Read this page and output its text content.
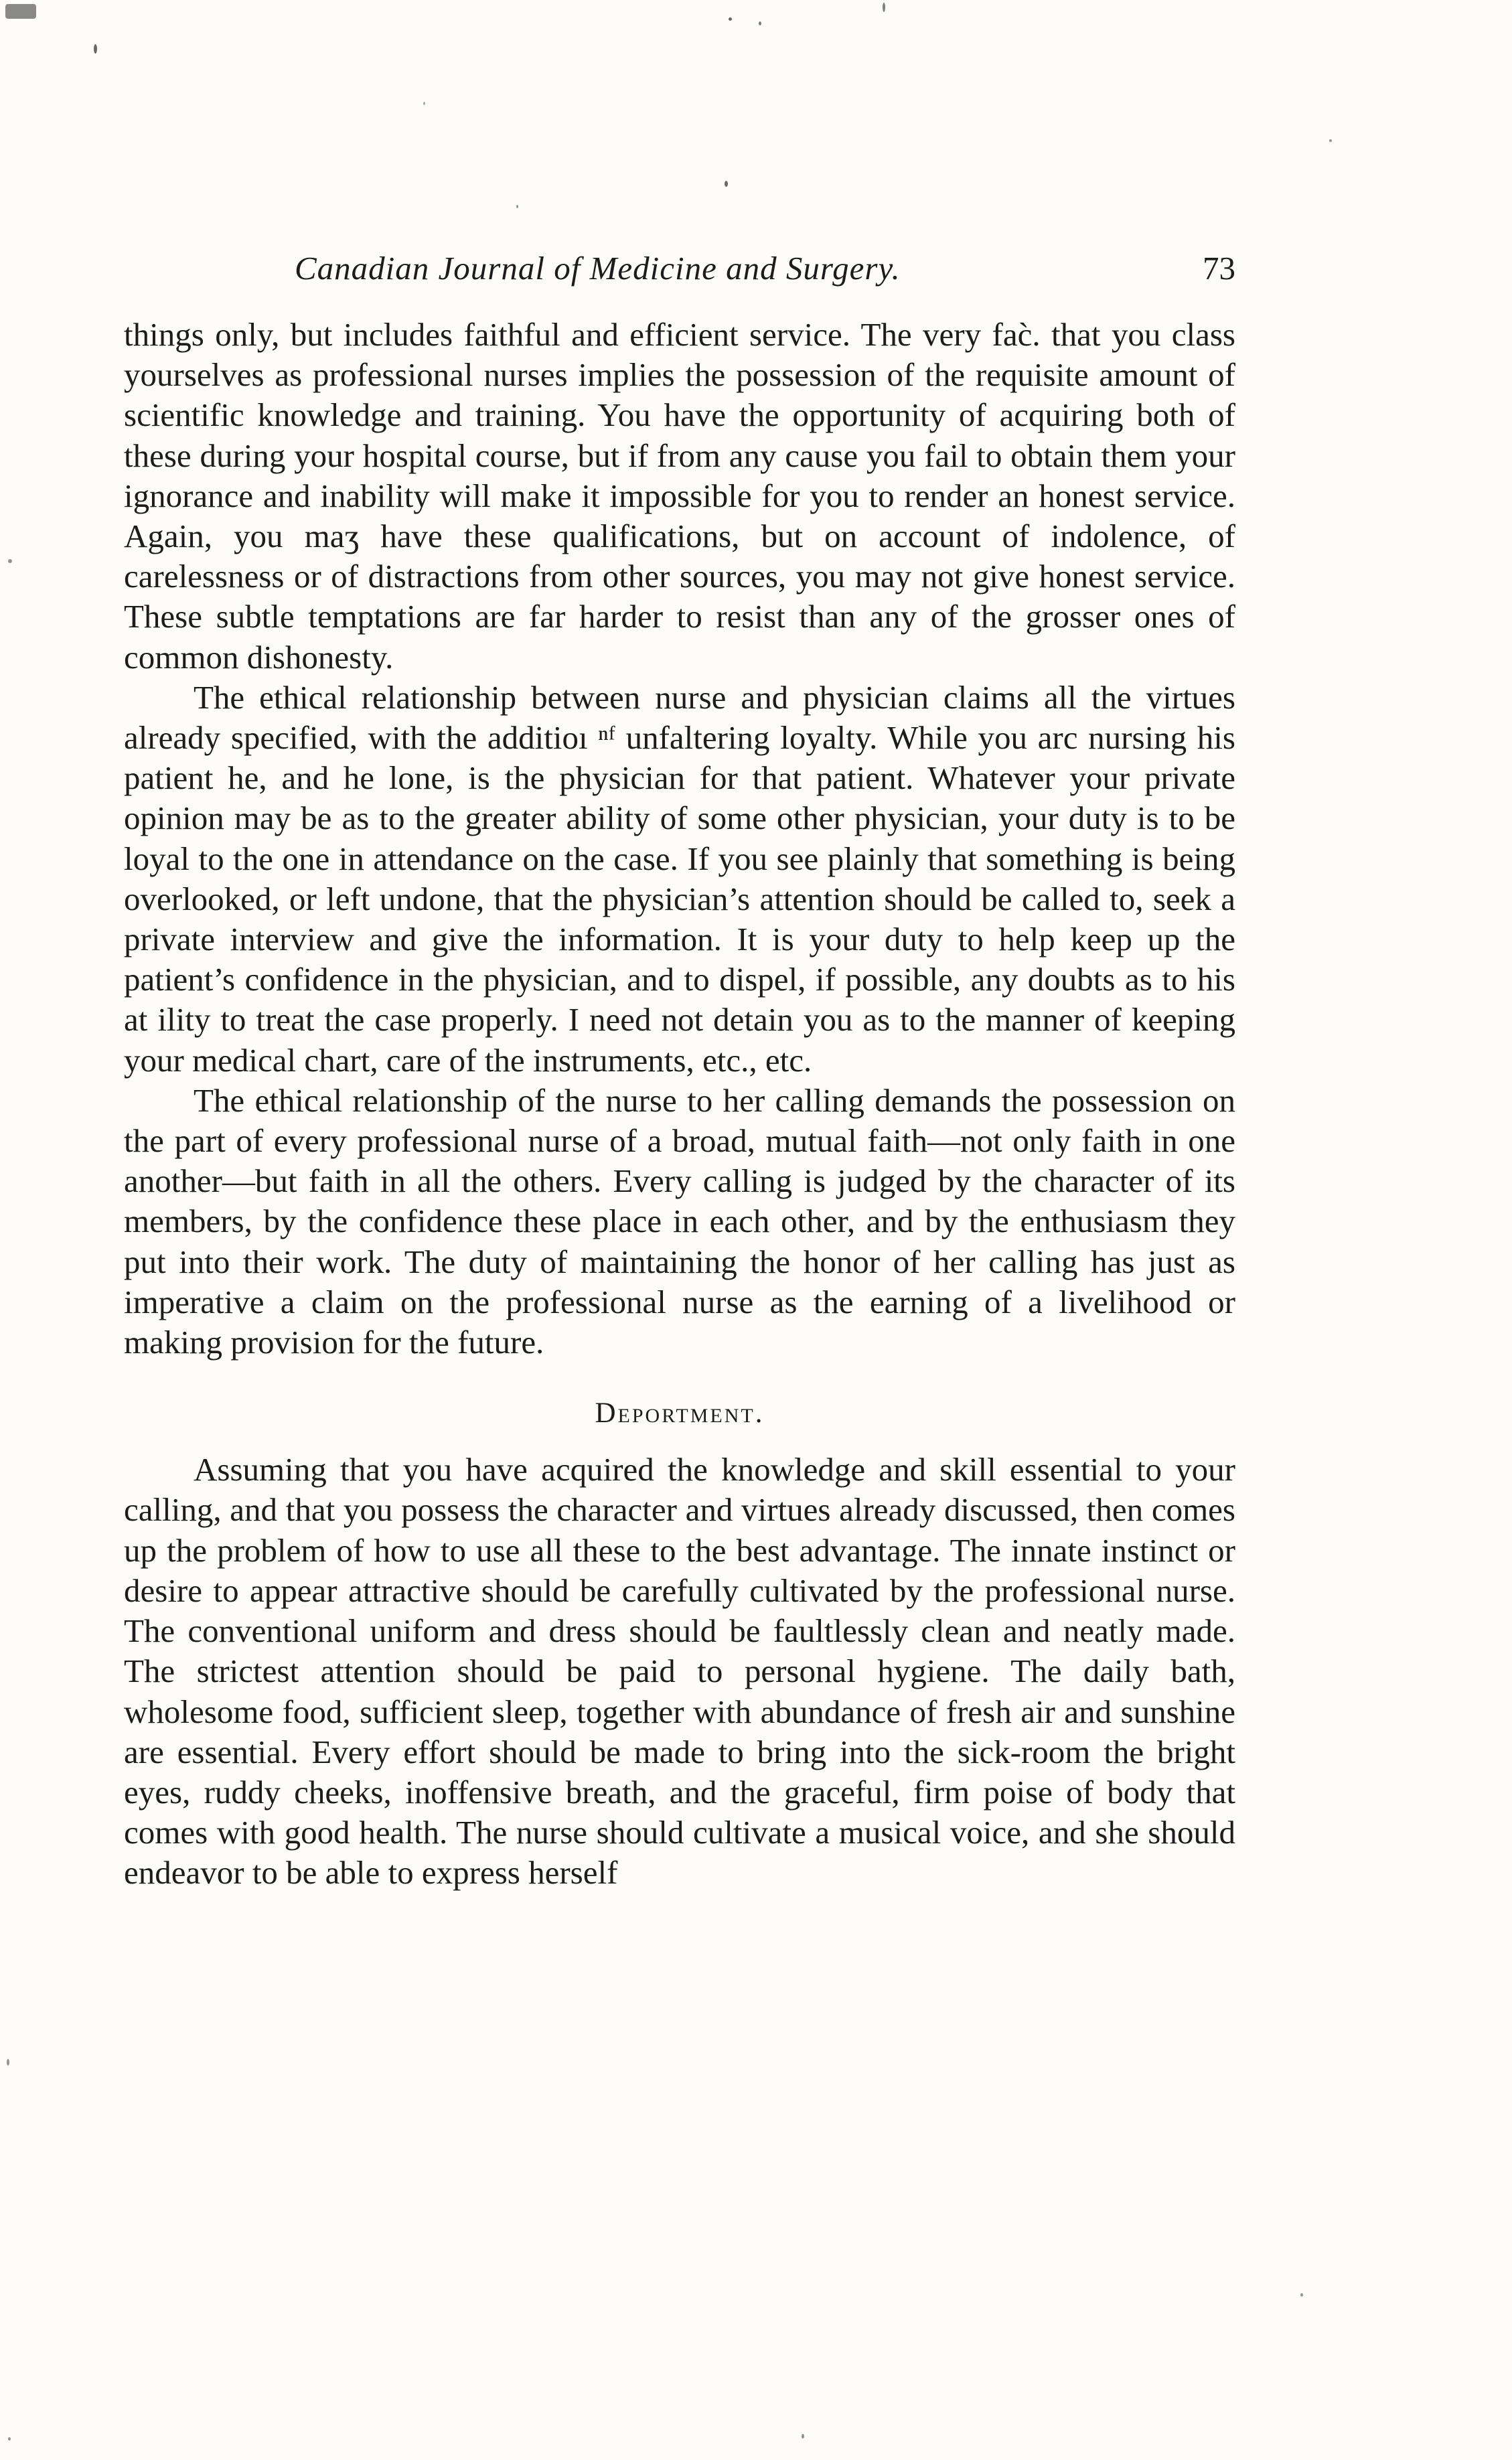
Canadian Journal of Medicine and Surgery.	73

things only, but includes faithful and efficient service. The very fac̀. that you class yourselves as professional nurses implies the possession of the requisite amount of scientific knowledge and training. You have the opportunity of acquiring both of these during your hospital course, but if from any cause you fail to obtain them your ignorance and inability will make it impossible for you to render an honest service. Again, you maʒ have these qualifications, but on account of indolence, of carelessness or of distractions from other sources, you may not give honest service. These subtle temptations are far harder to resist than any of the grosser ones of common dishonesty.

The ethical relationship between nurse and physician claims all the virtues already specified, with the additioı ⁿᶠ unfaltering loyalty. While you arc nursing his patient he, and he lone, is the physician for that patient. Whatever your private opinion may be as to the greater ability of some other physician, your duty is to be loyal to the one in attendance on the case. If you see plainly that something is being overlooked, or left undone, that the physician’s attention should be called to, seek a private interview and give the information. It is your duty to help keep up the patient’s confidence in the physician, and to dispel, if possible, any doubts as to his at ility to treat the case properly. I need not detain you as to the manner of keeping your medical chart, care of the instruments, etc., etc.

The ethical relationship of the nurse to her calling demands the possession on the part of every professional nurse of a broad, mutual faith—not only faith in one another—but faith in all the others. Every calling is judged by the character of its members, by the confidence these place in each other, and by the enthusiasm they put into their work. The duty of maintaining the honor of her calling has just as imperative a claim on the professional nurse as the earning of a livelihood or making provision for the future.

Deportment.

Assuming that you have acquired the knowledge and skill essential to your calling, and that you possess the character and virtues already discussed, then comes up the problem of how to use all these to the best advantage. The innate instinct or desire to appear attractive should be carefully cultivated by the professional nurse. The conventional uniform and dress should be faultlessly clean and neatly made. The strictest attention should be paid to personal hygiene. The daily bath, wholesome food, sufficient sleep, together with abundance of fresh air and sunshine are essential. Every effort should be made to bring into the sick-room the bright eyes, ruddy cheeks, inoffensive breath, and the graceful, firm poise of body that comes with good health. The nurse should cultivate a musical voice, and she should endeavor to be able to express herself
